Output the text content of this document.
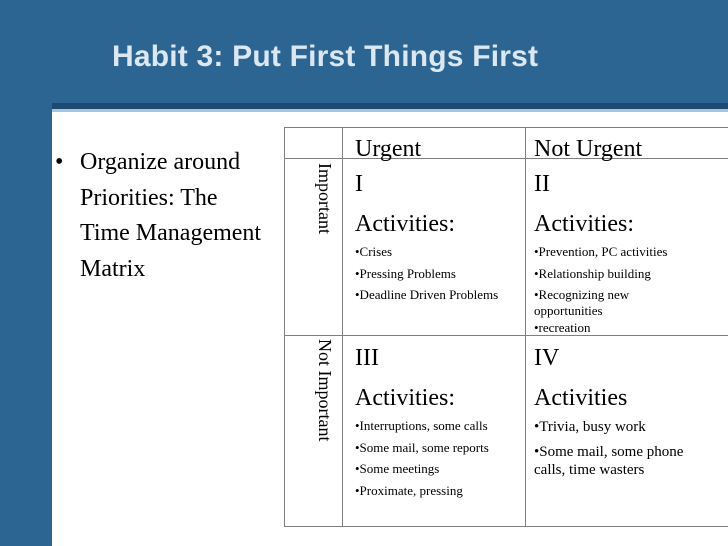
Habit 3: Put First Things First
• Organize around Priorities: The Time Management Matrix
Urgent	Not Urgent
Important
Not Important
I
Activities:
•Crises
•Pressing Problems
•Deadline Driven Problems
II
Activities:
•Prevention, PC activities
•Relationship building
•Recognizing new opportunities
•recreation
III
Activities:
•Interruptions, some calls
•Some mail, some reports
•Some meetings
•Proximate, pressing
IV
Activities
•Trivia, busy work
•Some mail, some phone calls, time wasters
